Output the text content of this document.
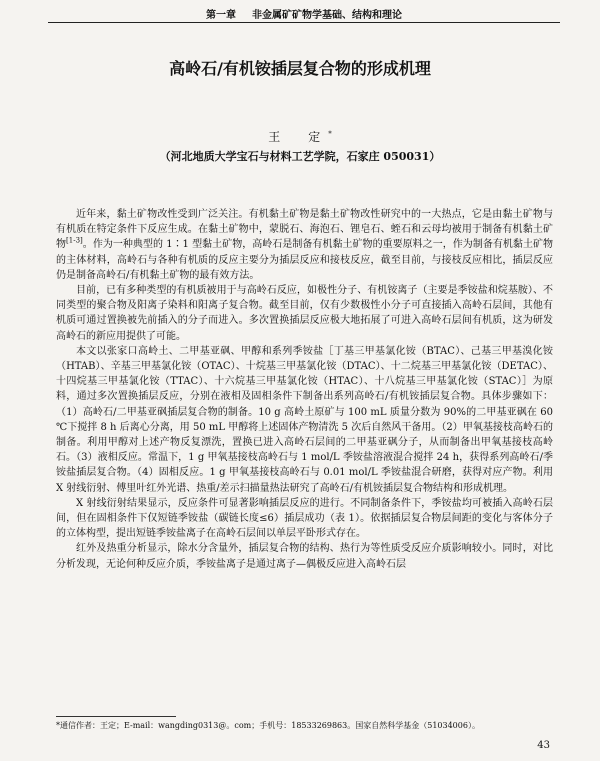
第一章 非金属矿矿物学基础、结构和理论
高岭石/有机铵插层复合物的形成机理
王　定*
（河北地质大学宝石与材料工艺学院，石家庄 050031）

近年来，黏土矿物改性受到广泛关注。有机黏土矿物是黏土矿物改性研究中的一大热点，它是由黏土矿物与有机质在特定条件下反应生成。在黏土矿物中，蒙脱石、海泡石、锂皂石、蛭石和云母均被用于制备有机黏土矿物[1-3]。作为一种典型的 1∶1 型黏土矿物，高岭石是制备有机黏土矿物的重要原料之一，作为制备有机黏土矿物的主体材料，高岭石与各种有机质的反应主要分为插层反应和接枝反应，截至目前，与接枝反应相比，插层反应仍是制备高岭石/有机黏土矿物的最有效方法。

目前，已有多种类型的有机质被用于与高岭石反应，如极性分子、有机铵离子（主要是季铵盐和烷基胺）、不同类型的聚合物及阳离子染料和阳离子复合物。截至目前，仅有少数极性小分子可直接插入高岭石层间，其他有机质可通过置换被先前插入的分子而进入。多次置换插层反应极大地拓展了可进入高岭石层间有机质，这为研发高岭石的新应用提供了可能。

本文以张家口高岭土、二甲基亚砜、甲醇和系列季铵盐［丁基三甲基氯化铵（BTAC）、己基三甲基溴化铵（HTAB）、辛基三甲基氯化铵（OTAC）、十烷基三甲基氯化铵（DTAC）、十二烷基三甲基氯化铵（DETAC）、十四烷基三甲基氯化铵（TTAC）、十六烷基三甲基氯化铵（HTAC）、十八烷基三甲基氯化铵（STAC）］为原料，通过多次置换插层反应，分别在液相及固相条件下制备出系列高岭石/有机铵插层复合物。具体步骤如下：（1）高岭石/二甲基亚砜插层复合物的制备。10 g 高岭土原矿与 100 mL 质量分数为 90%的二甲基亚砜在 60 ℃下搅拌 8 h 后离心分离，用 50 mL 甲醇将上述固体产物清洗 5 次后自然风干备用。（2）甲氧基接枝高岭石的制备。利用甲醇对上述产物反复漂洗，置换已进入高岭石层间的二甲基亚砜分子，从而制备出甲氧基接枝高岭石。（3）液相反应。常温下，1 g 甲氧基接枝高岭石与 1 mol/L 季铵盐溶液混合搅拌 24 h，获得系列高岭石/季铵盐插层复合物。（4）固相反应。1 g 甲氧基接枝高岭石与 0.01 mol/L 季铵盐混合研磨，获得对应产物。利用 X 射线衍射、傅里叶红外光谱、热重/差示扫描量热法研究了高岭石/有机铵插层复合物结构和形成机理。

X 射线衍射结果显示，反应条件可显著影响插层反应的进行。不同制备条件下，季铵盐均可被插入高岭石层间，但在固相条件下仅短链季铵盐（碳链长度≤6）插层成功（表 1）。依据插层复合物层间距的变化与客体分子的立体构型，提出短链季铵盐离子在高岭石层间以单层平卧形式存在。

红外及热重分析显示，除水分含量外，插层复合物的结构、热行为等性质受反应介质影响较小。同时，对比分析发现，无论何种反应介质，季铵盐离子是通过离子—偶极反应进入高岭石层

*通信作者：王定；E-mail：wangding0313@。com；手机号：18533269863。国家自然科学基金（51034006）。
43
